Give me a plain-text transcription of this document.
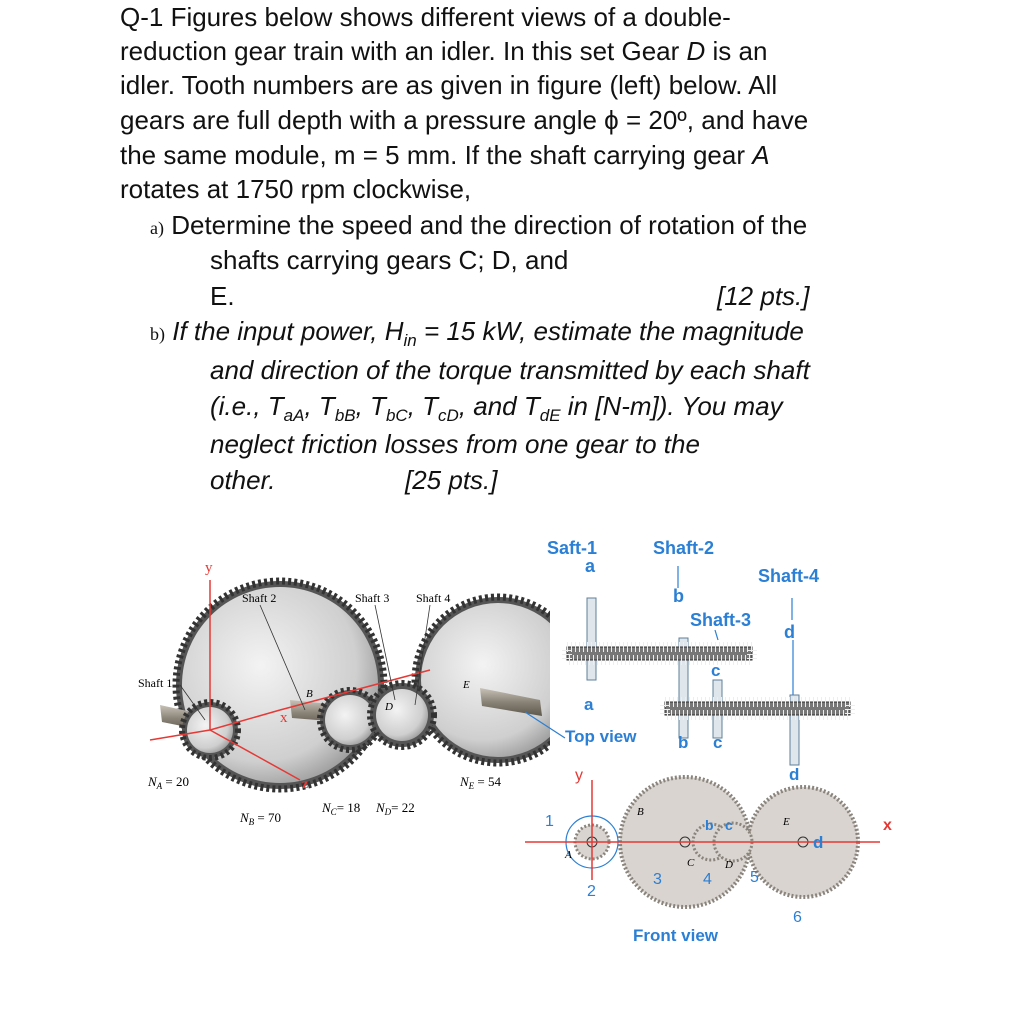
Q-1 Figures below shows different views of a double-
reduction gear train with an idler. In this set Gear D is an
idler. Tooth numbers are as given in figure (left) below. All
gears are full depth with a pressure angle ϕ = 20º, and have
the same module, m = 5 mm. If the shaft carrying gear A
rotates at 1750 rpm clockwise,
a) Determine the speed and the direction of rotation of the
shafts carrying gears C; D, and
E.	[12 pts.]
b) If the input power, $H_{in} = 15$ kW, estimate the magnitude
and direction of the torque transmitted by each shaft
(i.e., $T_{aA}$, $T_{bB}$, $T_{bC}$, $T_{cD}$, and $T_{dE}$ in [N-m]). You may
neglect friction losses from one gear to the
other.	[25 pts.]
y
x
z
Shaft 2	Shaft 3 Shaft 4
Shaft 1
B
D
E
$N_A = 20$
$N_B = 70$
$N_C= 18$ $N_D= 22$
$N_E = 54$
Saft-1	Shaft-2
Shaft-4
Shaft-3
a
b
d
c
a
Top view b c
d
y
x
B
E
C	D
A
d
b c
1
2
3	4 5
6
Front view
